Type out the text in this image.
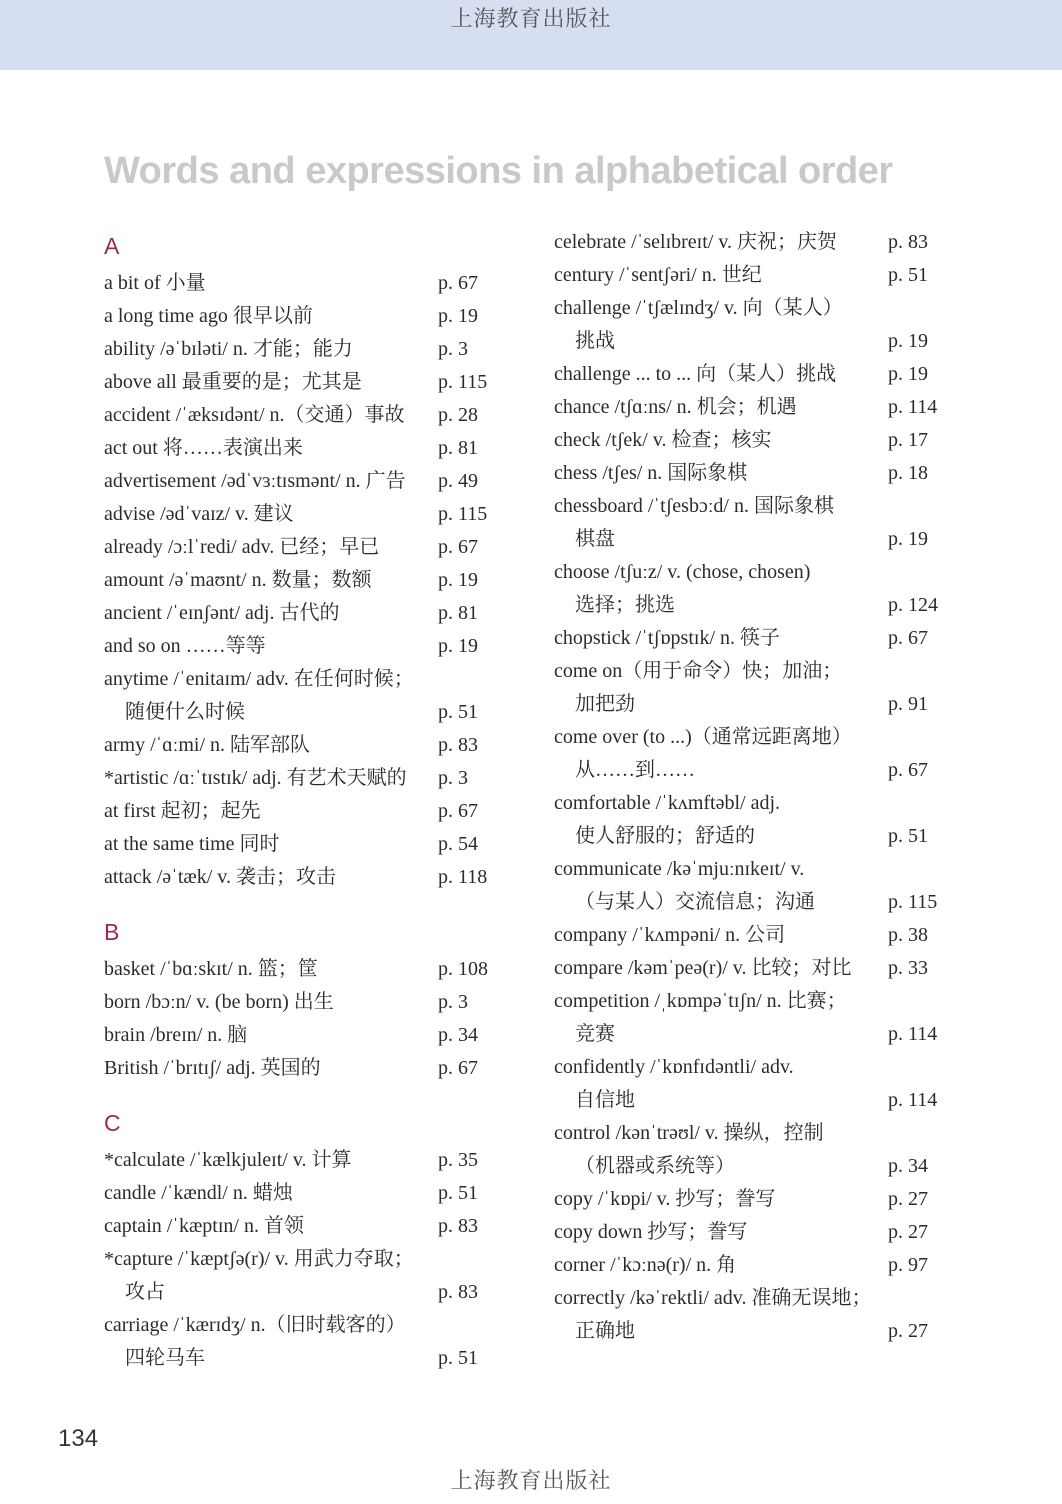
上海教育出版社
Words and expressions in alphabetical order
A
a bit of 小量	p. 67
a long time ago 很早以前	p. 19
ability /əˈbɪləti/ n. 才能；能力	p. 3
above all 最重要的是；尤其是	p. 115
accident /ˈæksɪdənt/ n.（交通）事故	p. 28
act out 将……表演出来	p. 81
advertisement /ədˈvɜːtɪsmənt/ n. 广告	p. 49
advise /ədˈvaɪz/ v. 建议	p. 115
already /ɔːlˈredi/ adv. 已经；早已	p. 67
amount /əˈmaʊnt/ n. 数量；数额	p. 19
ancient /ˈeɪnʃənt/ adj. 古代的	p. 81
and so on ……等等	p. 19
anytime /ˈenitaɪm/ adv. 在任何时候；
随便什么时候	p. 51
army /ˈɑːmi/ n. 陆军部队	p. 83
*artistic /ɑːˈtɪstɪk/ adj. 有艺术天赋的	p. 3
at first 起初；起先	p. 67
at the same time 同时	p. 54
attack /əˈtæk/ v. 袭击；攻击	p. 118
B
basket /ˈbɑːskɪt/ n. 篮；筐	p. 108
born /bɔːn/ v. (be born) 出生	p. 3
brain /breɪn/ n. 脑	p. 34
British /ˈbrɪtɪʃ/ adj. 英国的	p. 67
C
*calculate /ˈkælkjuleɪt/ v. 计算	p. 35
candle /ˈkændl/ n. 蜡烛	p. 51
captain /ˈkæptɪn/ n. 首领	p. 83
*capture /ˈkæptʃə(r)/ v. 用武力夺取；
攻占	p. 83
carriage /ˈkærɪdʒ/ n.（旧时载客的）
四轮马车	p. 51
celebrate /ˈselɪbreɪt/ v. 庆祝；庆贺	p. 83
century /ˈsentʃəri/ n. 世纪	p. 51
challenge /ˈtʃælɪndʒ/ v. 向（某人）
挑战	p. 19
challenge ... to ... 向（某人）挑战	p. 19
chance /tʃɑːns/ n. 机会；机遇	p. 114
check /tʃek/ v. 检查；核实	p. 17
chess /tʃes/ n. 国际象棋	p. 18
chessboard /ˈtʃesbɔːd/ n. 国际象棋
棋盘	p. 19
choose /tʃuːz/ v. (chose, chosen)
选择；挑选	p. 124
chopstick /ˈtʃɒpstɪk/ n. 筷子	p. 67
come on（用于命令）快；加油；
加把劲	p. 91
come over (to ...)（通常远距离地）
从……到……	p. 67
comfortable /ˈkʌmftəbl/ adj.
使人舒服的；舒适的	p. 51
communicate /kəˈmjuːnɪkeɪt/ v.
（与某人）交流信息；沟通	p. 115
company /ˈkʌmpəni/ n. 公司	p. 38
compare /kəmˈpeə(r)/ v. 比较；对比	p. 33
competition /ˌkɒmpəˈtɪʃn/ n. 比赛；
竞赛	p. 114
confidently /ˈkɒnfɪdəntli/ adv.
自信地	p. 114
control /kənˈtrəʊl/ v. 操纵，控制
（机器或系统等）	p. 34
copy /ˈkɒpi/ v. 抄写；誊写	p. 27
copy down 抄写；誊写	p. 27
corner /ˈkɔːnə(r)/ n. 角	p. 97
correctly /kəˈrektli/ adv. 准确无误地；
正确地	p. 27
134
上海教育出版社
